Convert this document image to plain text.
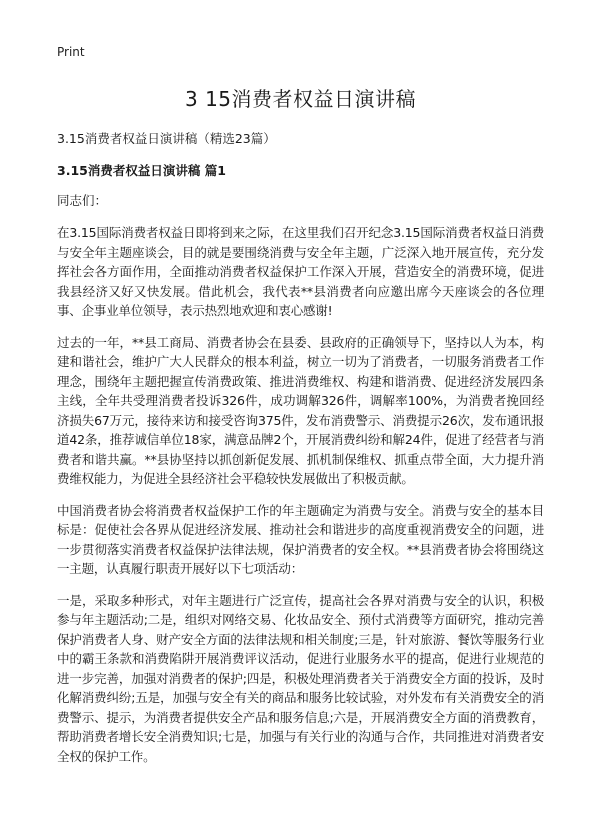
Print

3 15消费者权益日演讲稿

3.15消费者权益日演讲稿（精选23篇）

3.15消费者权益日演讲稿 篇1

同志们：

在3.15国际消费者权益日即将到来之际，在这里我们召开纪念3.15国际消费者权益日消费与安全年主题座谈会，目的就是要围绕消费与安全年主题，广泛深入地开展宣传，充分发挥社会各方面作用，全面推动消费者权益保护工作深入开展，营造安全的消费环境，促进我县经济又好又快发展。借此机会，我代表**县消费者向应邀出席今天座谈会的各位理事、企事业单位领导，表示热烈地欢迎和衷心感谢!

过去的一年，**县工商局、消费者协会在县委、县政府的正确领导下，坚持以人为本，构建和谐社会，维护广大人民群众的根本利益，树立一切为了消费者，一切服务消费者工作理念，围绕年主题把握宣传消费政策、推进消费维权、构建和谐消费、促进经济发展四条主线，全年共受理消费者投诉326件，成功调解326件，调解率100%，为消费者挽回经济损失67万元，接待来访和接受咨询375件，发布消费警示、消费提示26次，发布通讯报道42条，推荐诚信单位18家，满意品牌2个，开展消费纠纷和解24件，促进了经营者与消费者和谐共赢。**县协坚持以抓创新促发展、抓机制保维权、抓重点带全面，大力提升消费维权能力，为促进全县经济社会平稳较快发展做出了积极贡献。

中国消费者协会将消费者权益保护工作的年主题确定为消费与安全。消费与安全的基本目标是：促使社会各界从促进经济发展、推动社会和谐进步的高度重视消费安全的问题，进一步贯彻落实消费者权益保护法律法规，保护消费者的安全权。**县消费者协会将围绕这一主题，认真履行职责开展好以下七项活动：

一是，采取多种形式，对年主题进行广泛宣传，提高社会各界对消费与安全的认识，积极参与年主题活动;二是，组织对网络交易、化妆品安全、预付式消费等方面研究，推动完善保护消费者人身、财产安全方面的法律法规和相关制度;三是，针对旅游、餐饮等服务行业中的霸王条款和消费陷阱开展消费评议活动，促进行业服务水平的提高，促进行业规范的进一步完善，加强对消费者的保护;四是，积极处理消费者关于消费安全方面的投诉，及时化解消费纠纷;五是，加强与安全有关的商品和服务比较试验，对外发布有关消费安全的消费警示、提示，为消费者提供安全产品和服务信息;六是，开展消费安全方面的消费教育，帮助消费者增长安全消费知识;七是，加强与有关行业的沟通与合作，共同推进对消费者安全权的保护工作。
